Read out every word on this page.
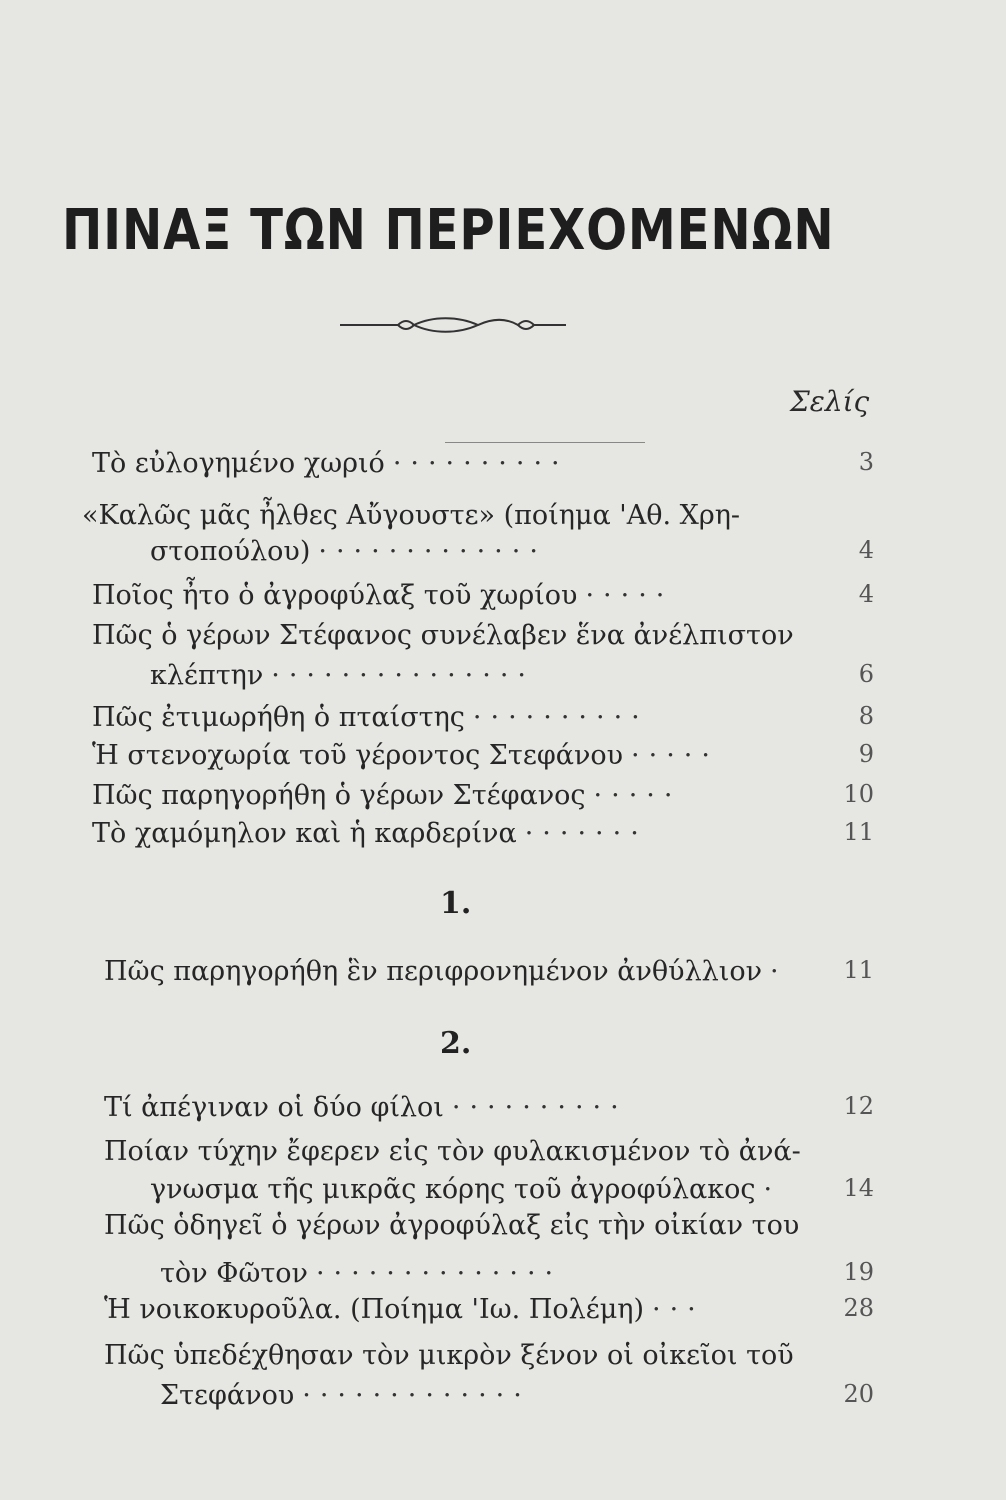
ΠΙΝΑΞ ΤΩΝ ΠΕΡΙΕΧΟΜΕΝΩΝ
Σελίς
Τὸ εὐλογημένο χωριό ··········	3
«Καλῶς μᾶς ἦλθες Αὔγουστε» (ποίημα 'Αθ. Χρη-
στοπούλου) ·············	4
Ποῖος ἦτο ὁ ἀγροφύλαξ τοῦ χωρίου ·····	4
Πῶς ὁ γέρων Στέφανος συνέλαβεν ἕνα ἀνέλπιστον
κλέπτην ···············	6
Πῶς ἐτιμωρήθη ὁ πταίστης ··········	8
Ἡ στενοχωρία τοῦ γέροντος Στεφάνου ·····	9
Πῶς παρηγορήθη ὁ γέρων Στέφανος ·····	10
Τὸ χαμόμηλον καὶ ἡ καρδερίνα ·······	11
1.
Πῶς παρηγορήθη ἓν περιφρονημένον ἀνθύλλιον ·	11
2.
Τί ἀπέγιναν οἱ δύο φίλοι ··········	12
Ποίαν τύχην ἔφερεν εἰς τὸν φυλακισμένον τὸ ἀνά-
γνωσμα τῆς μικρᾶς κόρης τοῦ ἀγροφύλακος ·	14
Πῶς ὁδηγεῖ ὁ γέρων ἀγροφύλαξ εἰς τὴν οἰκίαν του
τὸν Φῶτον ··············	19
Ἡ νοικοκυροῦλα. (Ποίημα 'Ιω. Πολέμη) ···	28
Πῶς ὑπεδέχθησαν τὸν μικρὸν ξένον οἱ οἰκεῖοι τοῦ
Στεφάνου ·············	20
